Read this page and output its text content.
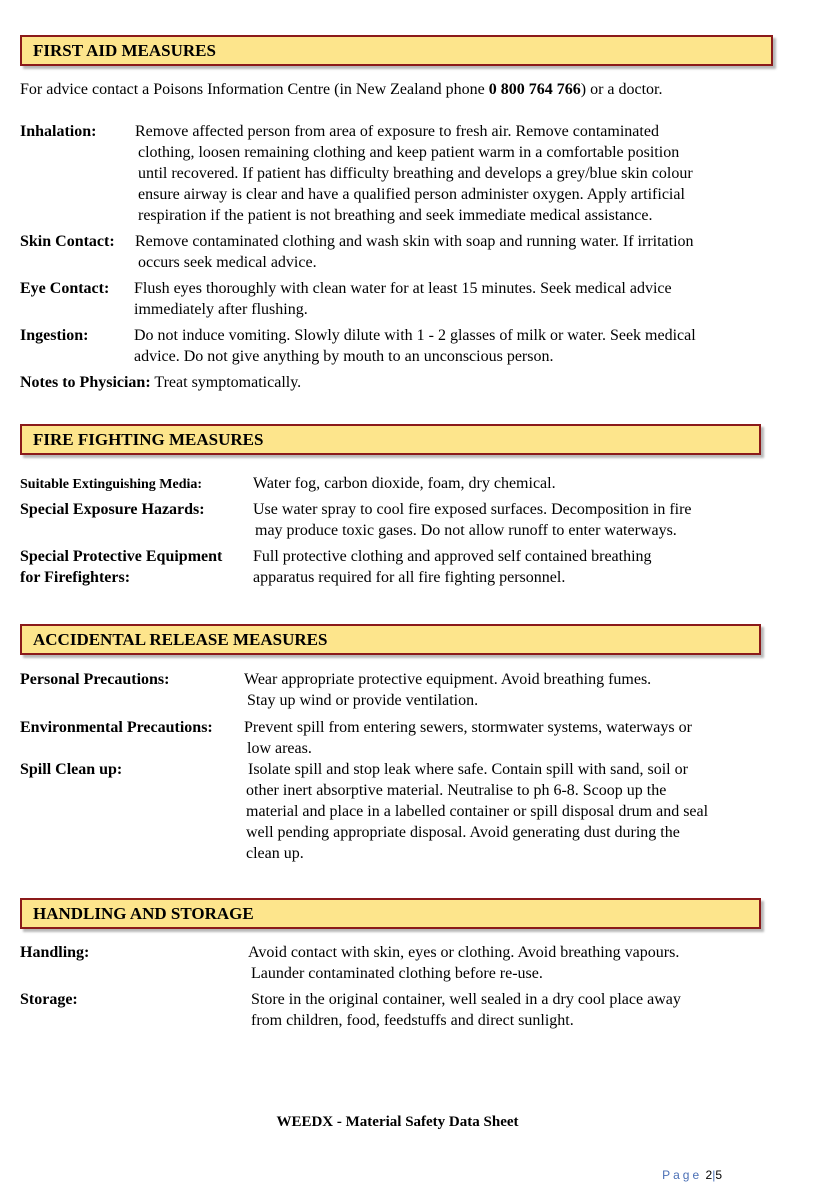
FIRST AID MEASURES
For advice contact a Poisons Information Centre (in New Zealand phone 0 800 764 766) or a doctor.
Inhalation: Remove affected person from area of exposure to fresh air. Remove contaminated
clothing, loosen remaining clothing and keep patient warm in a comfortable position
until recovered. If patient has difficulty breathing and develops a grey/blue skin colour
ensure airway is clear and have a qualified person administer oxygen. Apply artificial
respiration if the patient is not breathing and seek immediate medical assistance.
Skin Contact: Remove contaminated clothing and wash skin with soap and running water. If irritation
occurs seek medical advice.
Eye Contact: Flush eyes thoroughly with clean water for at least 15 minutes. Seek medical advice
immediately after flushing.
Ingestion:	Do not induce vomiting. Slowly dilute with 1 - 2 glasses of milk or water. Seek medical
advice. Do not give anything by mouth to an unconscious person.
Notes to Physician: Treat symptomatically.
FIRE FIGHTING MEASURES
Suitable Extinguishing Media:	Water fog, carbon dioxide, foam, dry chemical.
Special Exposure Hazards:	Use water spray to cool fire exposed surfaces. Decomposition in fire
may produce toxic gases. Do not allow runoff to enter waterways.
Special Protective Equipment
for Firefighters:
Full protective clothing and approved self contained breathing
apparatus required for all fire fighting personnel.
ACCIDENTAL RELEASE MEASURES
Personal Precautions:	Wear appropriate protective equipment. Avoid breathing fumes.
Stay up wind or provide ventilation.
Environmental Precautions: Prevent spill from entering sewers, stormwater systems, waterways or
low areas.
Spill Clean up:	Isolate spill and stop leak where safe. Contain spill with sand, soil or
other inert absorptive material. Neutralise to ph 6-8. Scoop up the
material and place in a labelled container or spill disposal drum and seal
well pending appropriate disposal. Avoid generating dust during the
clean up.
HANDLING AND STORAGE
Handling:	Avoid contact with skin, eyes or clothing. Avoid breathing vapours.
Launder contaminated clothing before re-use.
Storage:	Store in the original container, well sealed in a dry cool place away
from children, food, feedstuffs and direct sunlight.
WEEDX - Material Safety Data Sheet
Page 2|5
